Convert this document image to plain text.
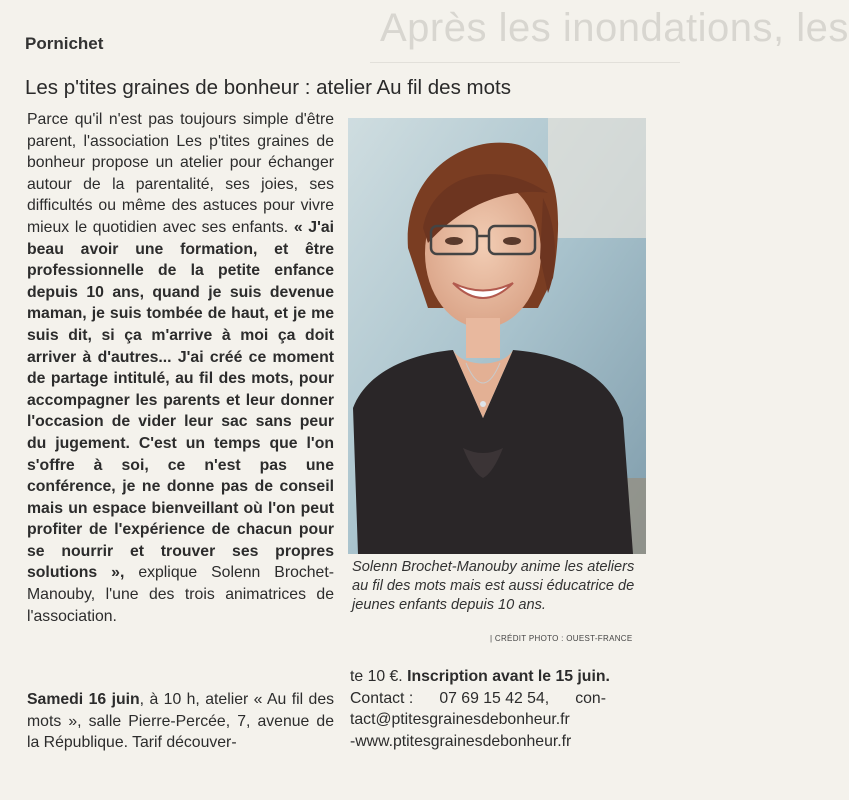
Après les inondations, les
Pornichet
Les p'tites graines de bonheur : atelier Au fil des mots

Parce qu'il n'est pas toujours simple d'être parent, l'association Les p'tites graines de bonheur propose un atelier pour échanger autour de la parentalité, ses joies, ses difficultés ou même des astuces pour vivre mieux le quotidien avec ses enfants. « J'ai beau avoir une formation, et être professionnelle de la petite enfance depuis 10 ans, quand je suis devenue maman, je suis tombée de haut, et je me suis dit, si ça m'arrive à moi ça doit arriver à d'autres... J'ai créé ce moment de partage intitulé, au fil des mots, pour accompagner les parents et leur donner l'occasion de vider leur sac sans peur du jugement. C'est un temps que l'on s'offre à soi, ce n'est pas une conférence, je ne donne pas de conseil mais un espace bienveillant où l'on peut profiter de l'expérience de chacun pour se nourrir et trouver ses propres solutions », explique Solenn Brochet-Manouby, l'une des trois animatrices de l'association.

Samedi 16 juin, à 10 h, atelier « Au fil des mots », salle Pierre-Percée, 7, avenue de la République. Tarif découver-
Solenn Brochet-Manouby anime les ateliers au fil des mots mais est aussi éducatrice de jeunes enfants depuis 10 ans.
| CRÉDIT PHOTO : OUEST-FRANCE
te 10 €. Inscription avant le 15 juin.
Contact : 07 69 15 42 54, con-
tact@ptitesgrainesdebonheur.fr
-www.ptitesgrainesdebonheur.fr
